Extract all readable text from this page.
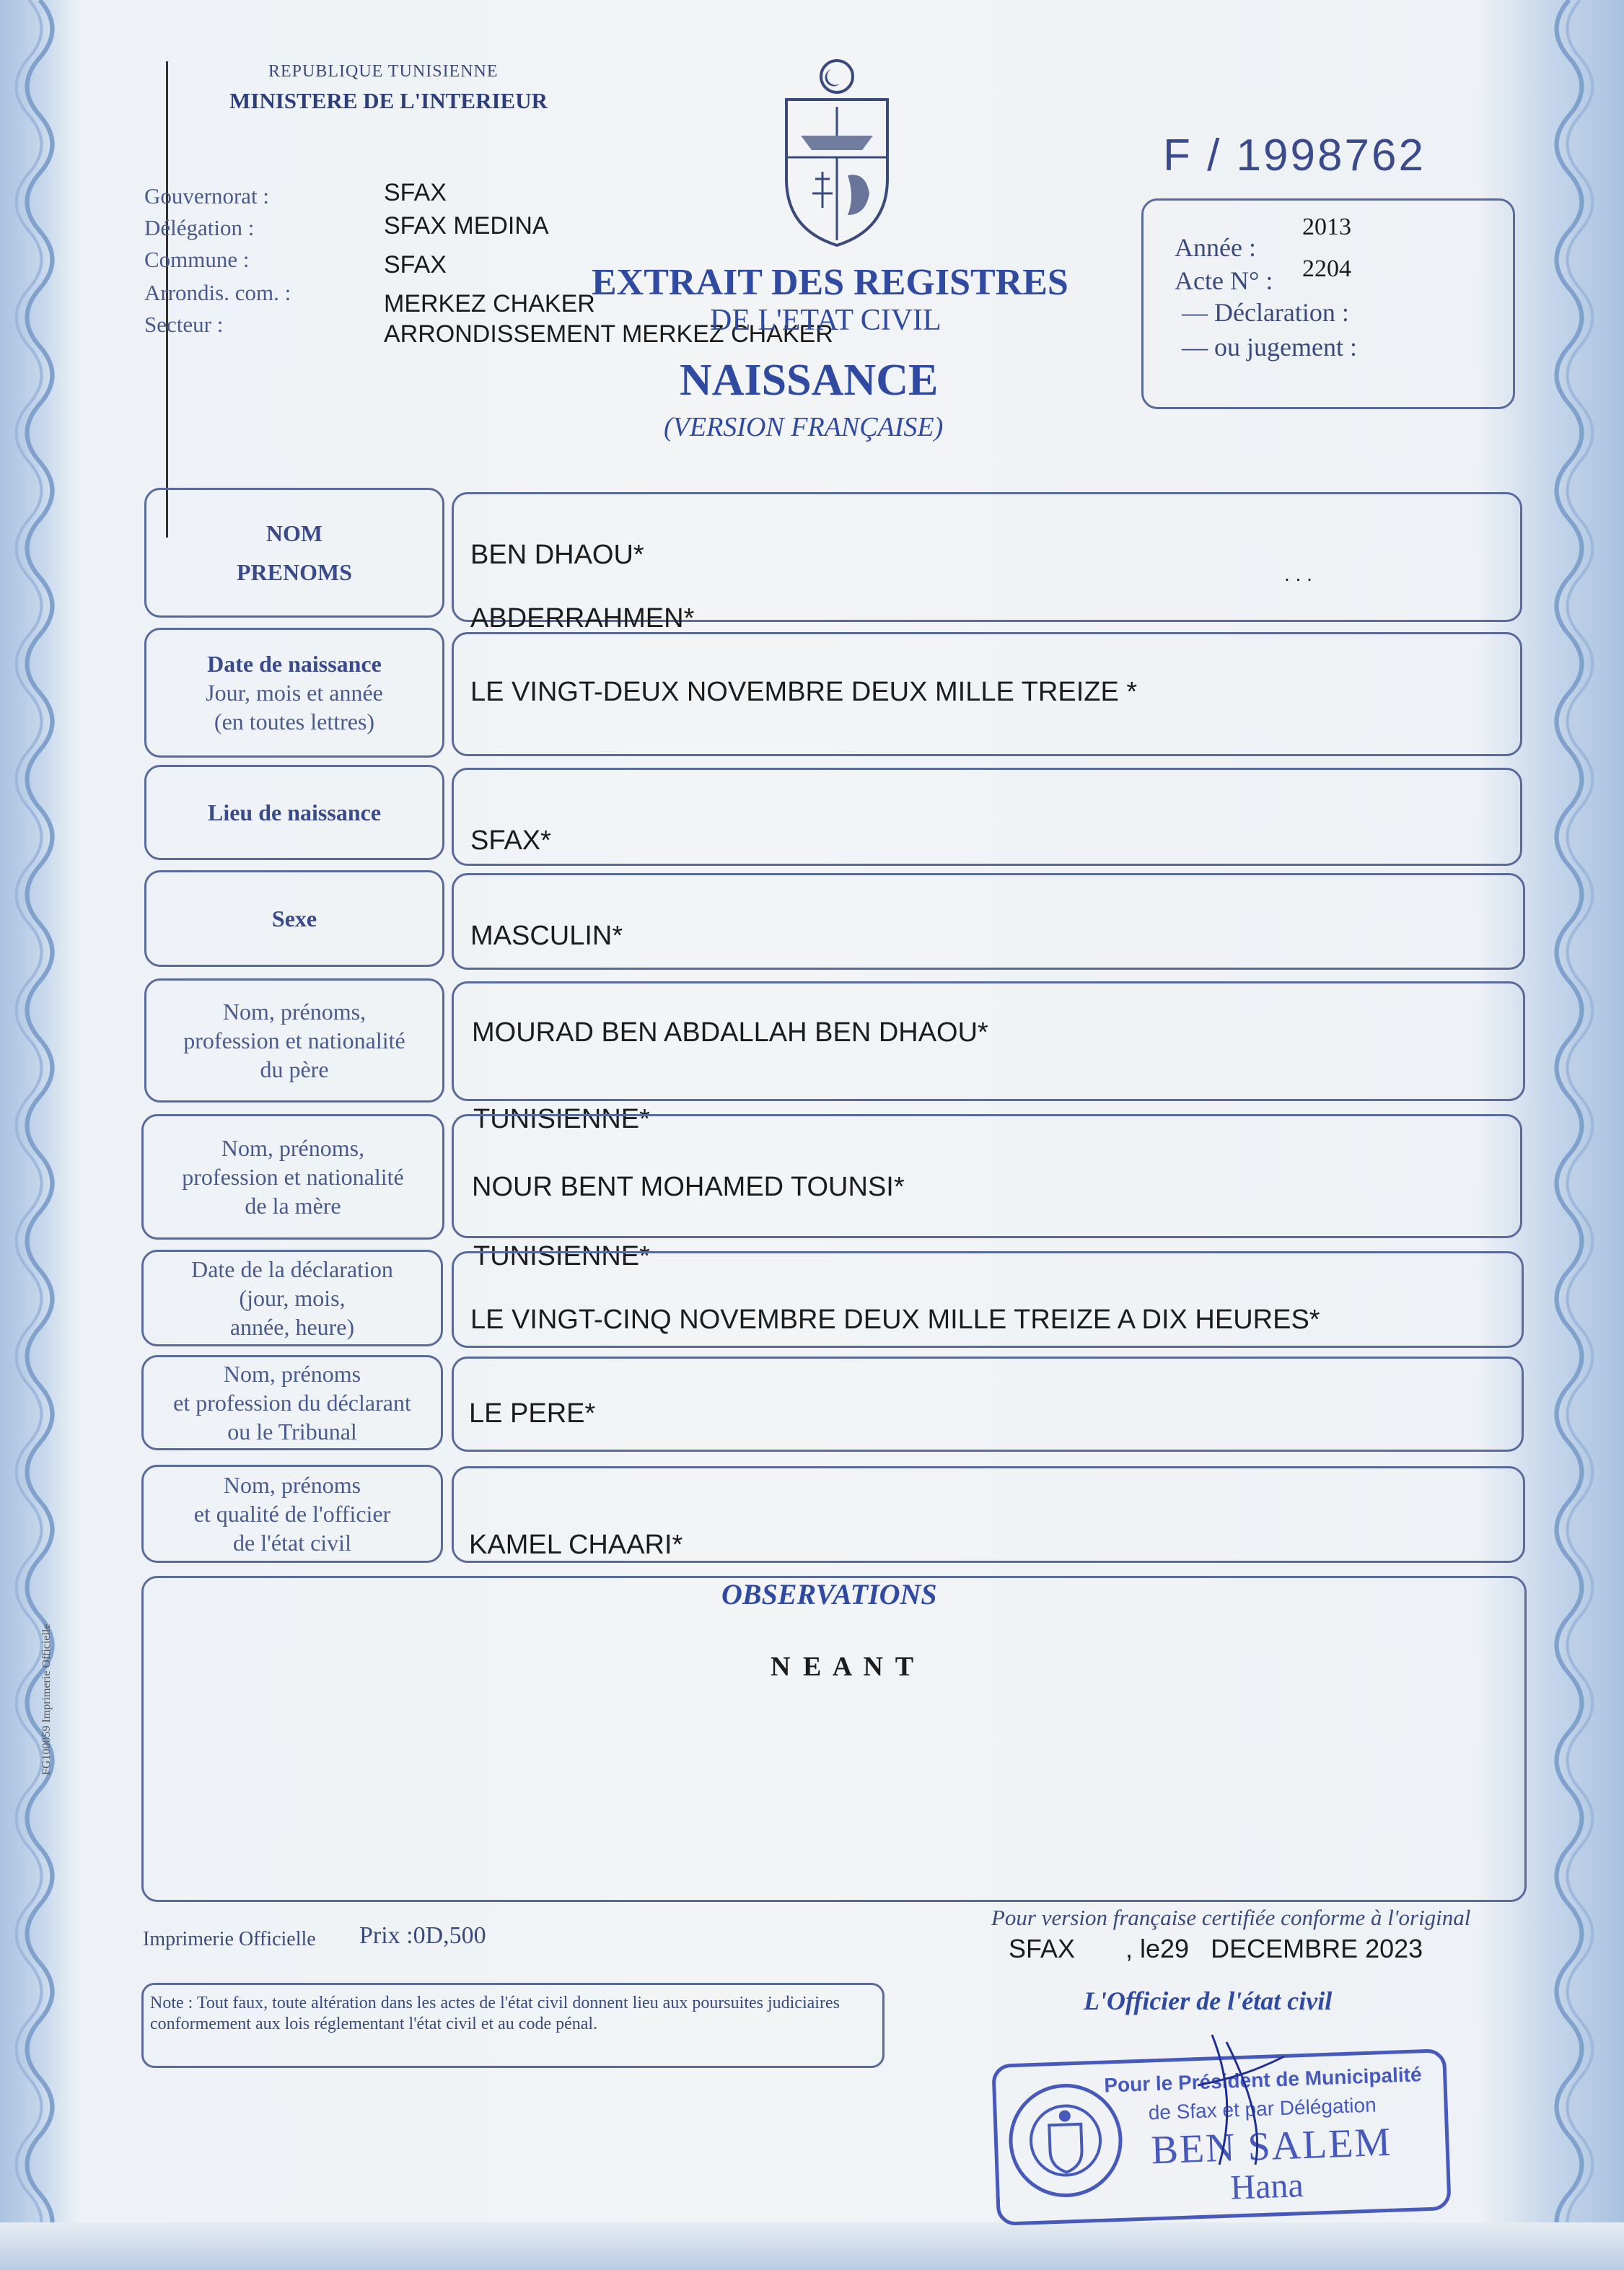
REPUBLIQUE TUNISIENNE
MINISTERE DE L'INTERIEUR
F / 1998762
Gouvernorat :
Délégation :
Commune :
Arrondis. com. :
Secteur :
SFAX
SFAX MEDINA
SFAX
MERKEZ CHAKER
ARRONDISSEMENT MERKEZ CHAKER
EXTRAIT DES REGISTRES
DE L'ETAT CIVIL
NAISSANCE
(VERSION FRANÇAISE)
Année :
2013
Acte N° : 2204
— Déclaration :
— ou jugement :
NOM
PRENOMS
BEN DHAOU*
. . .
ABDERRAHMEN*
Date de naissance
Jour, mois et année
(en toutes lettres)
LE VINGT-DEUX NOVEMBRE DEUX MILLE TREIZE *
Lieu de naissance
SFAX*
Sexe
MASCULIN*
Nom, prénoms,
profession et nationalité
du père
MOURAD BEN ABDALLAH BEN DHAOU*
TUNISIENNE*
Nom, prénoms,
profession et nationalité
de la mère
NOUR BENT MOHAMED TOUNSI*
TUNISIENNE*
Date de la déclaration
(jour, mois,
année, heure)	LE VINGT-CINQ NOVEMBRE DEUX MILLE TREIZE A DIX HEURES*
Nom, prénoms
et profession du déclarant
ou le Tribunal
LE PERE*
Nom, prénoms
et qualité de l'officier
de l'état civil	KAMEL CHAARI*
OBSERVATIONS
N E A N T
FG100059 Imprimerie Officielle
Imprimerie Officielle Prix :0D,500
Note : Tout faux, toute altération dans les actes de l'état civil donnent lieu aux poursuites judiciaires conformement aux lois réglementant l'état civil et au code pénal.
Pour version française certifiée conforme à l'original
SFAX , le29   DECEMBRE 2023
L'Officier de l'état civil
Pour le Président de Municipalité
de Sfax et par Délégation
BEN SALEM
Hana
